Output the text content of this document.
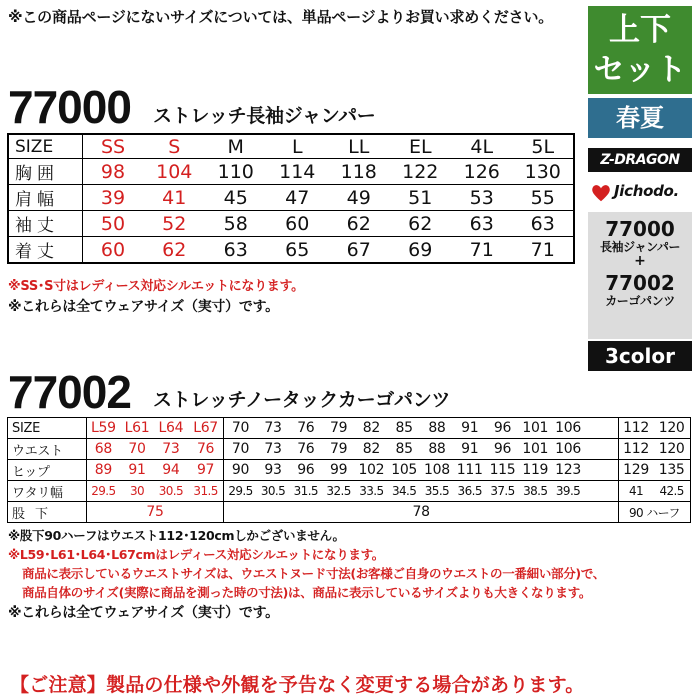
※この商品ページにないサイズについては、単品ページよりお買い求めください。
77000 ストレッチ長袖ジャンパー
SIZE	SS	S	M	L	LL	EL	4L	5L
胸囲	98	104	110	114	118	122	126	130
肩幅	39	41	45	47	49	51	53	55
袖丈	50	52	58	60	62	62	63	63
着丈	60	62	63	65	67	69	71	71
※SS･S寸はレディース対応シルエットになります。
※これらは全てウェアサイズ（実寸）です。
上下
セット
春夏
Z-DRAGON
Jichodo.
77000
長袖ジャンパー
+
77002
カーゴパンツ
3color
77002 ストレッチノータックカーゴパンツ
SIZE	L59	L61	L64	L67	70	73	76	79	82	85	88	91	96	101	106		112	120
ウエスト	68	70	73	76	70	73	76	79	82	85	88	91	96	101	106		112	120
ヒップ	89	91	94	97	90	93	96	99	102	105	108	111	115	119	123		129	135
ワタリ幅	29.5	30	30.5	31.5	29.5	30.5	31.5	32.5	33.5	34.5	35.5	36.5	37.5	38.5	39.5		41	42.5
股下	75				78												90 ハーフ	
※股下90ハーフはウエスト112･120cmしかございません。
※L59･L61･L64･L67cmはレディース対応シルエットになります。
商品に表示しているウエストサイズは、ウエストヌード寸法(お客様ご自身のウエストの一番細い部分)で、
商品自体のサイズ(実際に商品を測った時の寸法)は、商品に表示しているサイズよりも大きくなります。
※これらは全てウェアサイズ（実寸）です。
【ご注意】製品の仕様や外観を予告なく変更する場合があります。
